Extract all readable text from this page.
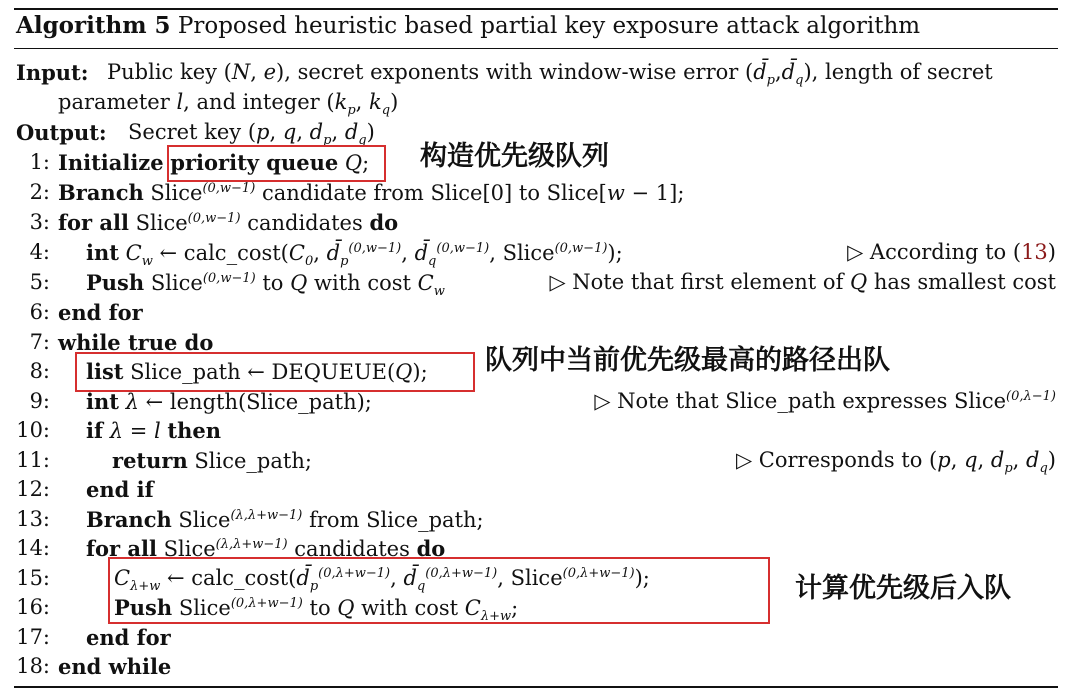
Algorithm 5 Proposed heuristic based partial key exposure attack algorithm
Input: Public key (N, e), secret exponents with window-wise error $(d̄_p,d̄_q)$, length of secret
parameter l, and integer ($k_p$, $k_q$)
Output: Secret key (p, q, $d_p$, $d_q$)
1: Initialize priority queue Q;
2: Branch Slice$^{(0,w-1)}$ candidate from Slice[0] to Slice[w − 1];
3: for all Slice$^{(0,w-1)}$ candidates do
4: int $C_w$ ← $calc\_\cos t(C_0$, $d̄_p^{(0,w-1)}$, $d̄_q^{(0,w-1)}$, Slice$^{(0,w-1)}$);	▷ According to (13)
5: Push Slice$^{(0,w-1)}$ to Q with cost $C_w$	▷ Note that first element of Q has smallest cost
6: end for
7: while true do
8: list Slice_path ← DEQUEUE(Q);
9: int λ ← length(Slice_path);	▷ Note that Slice_path expresses Slice$^{(0,\lambda-1)}$
10: if λ = l then
11:	return Slice_path;	▷ Corresponds to (p, q, $d_p$, $d_q$)
12: end if
13: Branch Slice$^{(\lambda,\lambda+w-1)}$ from Slice_path;
14: for all Slice$^{(\lambda,\lambda+w-1)}$ candidates do
15:	$C_{\lambda+w}$ ← $calc\_\cos t(d̄_p^{(0,\lambda+w-1)}$, $d̄_q^{(0,\lambda+w-1)}$, Slice$^{(0,\lambda+w-1)}$);
16:	Push Slice$^{(0,\lambda+w-1)}$ to Q with cost $C_{\lambda+w}$;
17: end for
18: end while
构造优先级队列
队列中当前优先级最高的路径出队
计算优先级后入队
